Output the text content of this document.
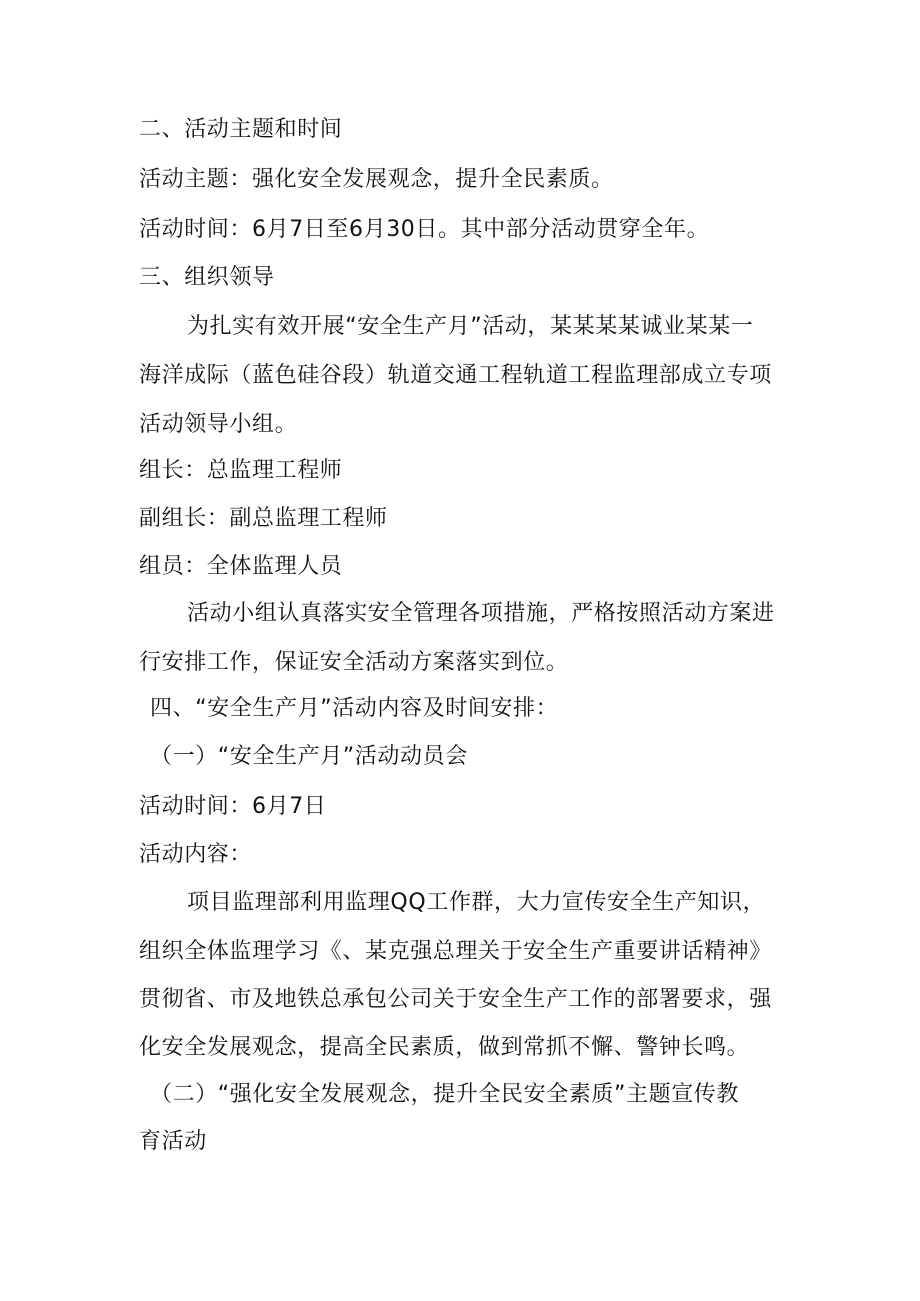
二、活动主题和时间
活动主题：强化安全发展观念，提升全民素质。
活动时间：6月7日至6月30日。其中部分活动贯穿全年。
三、组织领导
为扎实有效开展“安全生产月”活动，某某某某诚业某某一
海洋成际（蓝色硅谷段）轨道交通工程轨道工程监理部成立专项
活动领导小组。
组长：总监理工程师
副组长：副总监理工程师
组员：全体监理人员
活动小组认真落实安全管理各项措施，严格按照活动方案进
行安排工作，保证安全活动方案落实到位。
四、“安全生产月”活动内容及时间安排：
（一）“安全生产月”活动动员会
活动时间：6月7日
活动内容：
项目监理部利用监理QQ工作群，大力宣传安全生产知识，
组织全体监理学习《、某克强总理关于安全生产重要讲话精神》
贯彻省、市及地铁总承包公司关于安全生产工作的部署要求，强
化安全发展观念，提高全民素质，做到常抓不懈、警钟长鸣。
（二）“强化安全发展观念，提升全民安全素质”主题宣传教
育活动
